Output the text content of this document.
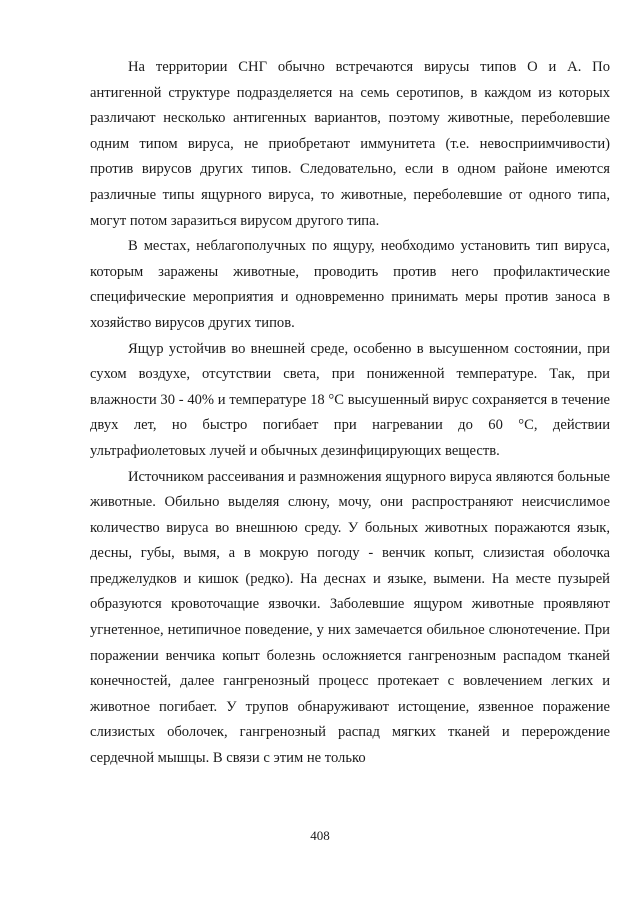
На территории СНГ обычно встречаются вирусы типов О и А. По антигенной структуре подразделяется на семь серотипов, в каждом из которых различают несколько антигенных вариантов, поэтому животные, переболевшие одним типом вируса, не приобретают иммунитета (т.е. невосприимчивости) против вирусов других типов. Следовательно, если в одном районе имеются различные типы ящурного вируса, то животные, переболевшие от одного типа, могут потом заразиться вирусом другого типа.

В местах, неблагополучных по ящуру, необходимо установить тип вируса, которым заражены животные, проводить против него профилактические специфические мероприятия и одновременно принимать меры против заноса в хозяйство вирусов других типов.

Ящур устойчив во внешней среде, особенно в высушенном состоянии, при сухом воздухе, отсутствии света, при пониженной температуре. Так, при влажности 30 - 40% и температуре 18 °С высушенный вирус сохраняется в течение двух лет, но быстро погибает при нагревании до 60 °С, действии ультрафиолетовых лучей и обычных дезинфицирующих веществ.

Источником рассеивания и размножения ящурного вируса являются больные животные. Обильно выделяя слюну, мочу, они распространяют неисчислимое количество вируса во внешнюю среду. У больных животных поражаются язык, десны, губы, вымя, а в мокрую погоду - венчик копыт, слизистая оболочка преджелудков и кишок (редко). На деснах и языке, вымени. На месте пузырей образуются кровоточащие язвочки. Заболевшие ящуром животные проявляют угнетенное, нетипичное поведение, у них замечается обильное слюнотечение. При поражении венчика копыт болезнь осложняется гангренозным распадом тканей конечностей, далее гангренозный процесс протекает с вовлечением легких и животное погибает. У трупов обнаруживают истощение, язвенное поражение слизистых оболочек, гангренозный распад мягких тканей и перерождение сердечной мышцы. В связи с этим не только

408
